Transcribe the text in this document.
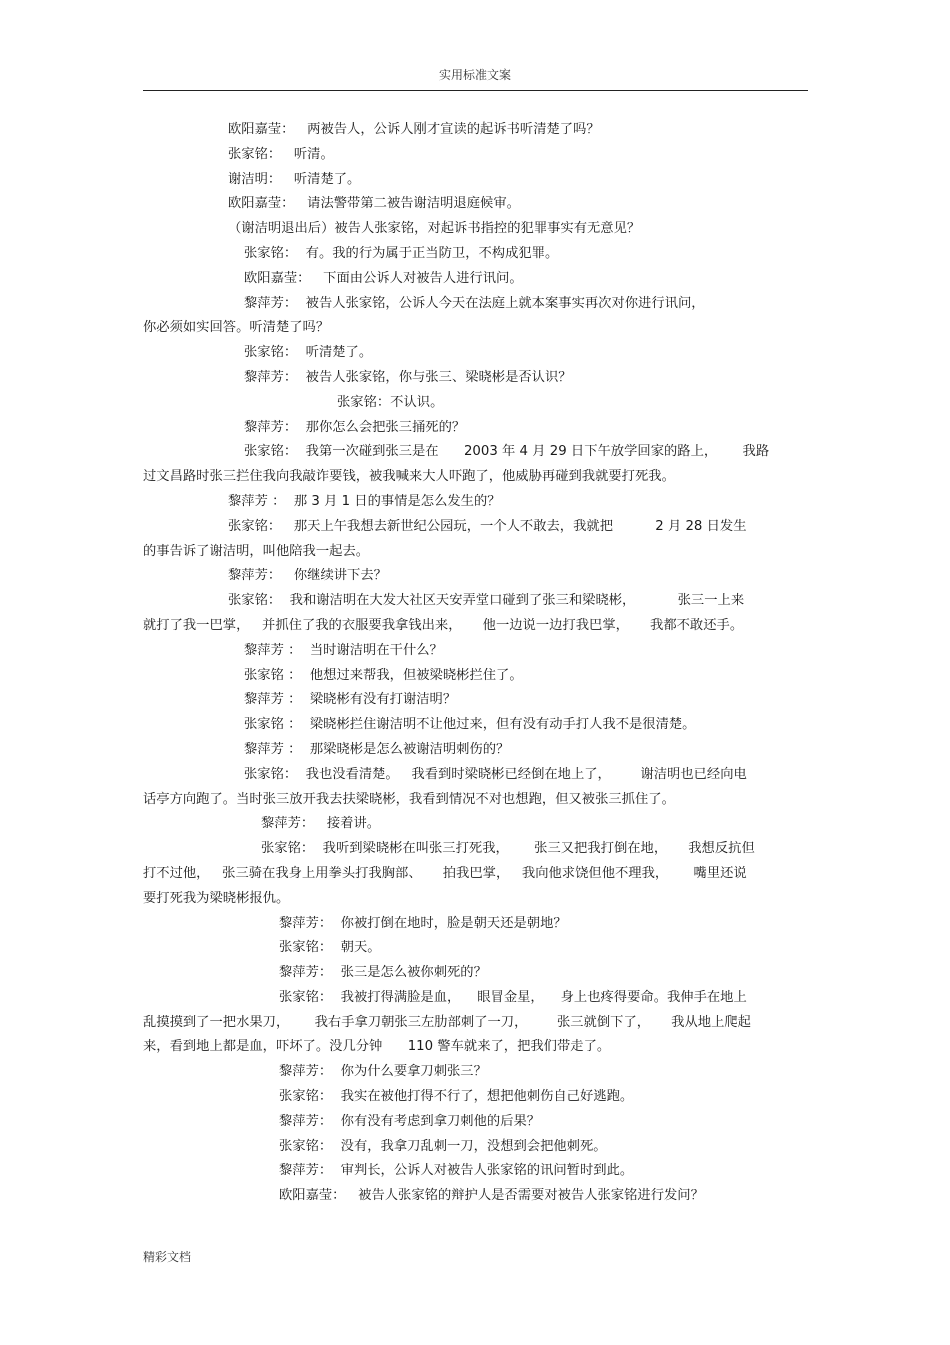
实用标准文案
欧阳嘉莹：   两被告人，公诉人刚才宣读的起诉书听清楚了吗？
张家铭：   听清。
谢洁明：   听清楚了。
欧阳嘉莹：   请法警带第二被告谢洁明退庭候审。
（谢洁明退出后）被告人张家铭，对起诉书指控的犯罪事实有无意见？
张家铭：  有。我的行为属于正当防卫，不构成犯罪。
欧阳嘉莹：   下面由公诉人对被告人进行讯问。
黎萍芳：  被告人张家铭，公诉人今天在法庭上就本案事实再次对你进行讯问，
你必须如实回答。听清楚了吗？
张家铭：  听清楚了。
黎萍芳：  被告人张家铭，你与张三、梁晓彬是否认识？
张家铭：不认识。
黎萍芳：  那你怎么会把张三捅死的？
张家铭：  我第一次碰到张三是在      2003 年 4 月 29 日下午放学回家的路上，      我路
过文昌路时张三拦住我向我敲诈要钱，被我喊来大人吓跑了，他威胁再碰到我就要打死我。
黎萍芳 ：  那 3 月 1 日的事情是怎么发生的？
张家铭：   那天上午我想去新世纪公园玩，一个人不敢去，我就把          2 月 28 日发生
的事告诉了谢洁明，叫他陪我一起去。
黎萍芳：   你继续讲下去？
张家铭：  我和谢洁明在大发大社区天安弄堂口碰到了张三和梁晓彬，          张三一上来
就打了我一巴掌，   并抓住了我的衣服要我拿钱出来，     他一边说一边打我巴掌，     我都不敢还手。
黎萍芳 ：  当时谢洁明在干什么？
张家铭 ：  他想过来帮我，但被梁晓彬拦住了。
黎萍芳 ：  梁晓彬有没有打谢洁明？
张家铭 ：  梁晓彬拦住谢洁明不让他过来，但有没有动手打人我不是很清楚。
黎萍芳 ：  那梁晓彬是怎么被谢洁明刺伤的？
张家铭：  我也没看清楚。   我看到时梁晓彬已经倒在地上了，       谢洁明也已经向电
话亭方向跑了。当时张三放开我去扶梁晓彬，我看到情况不对也想跑，但又被张三抓住了。
黎萍芳：   接着讲。
张家铭：  我听到梁晓彬在叫张三打死我，      张三又把我打倒在地，     我想反抗但
打不过他，   张三骑在我身上用拳头打我胸部、     拍我巴掌，   我向他求饶但他不理我，      嘴里还说
要打死我为梁晓彬报仇。
黎萍芳：  你被打倒在地时，脸是朝天还是朝地？
张家铭：  朝天。
黎萍芳：  张三是怎么被你刺死的？
张家铭：  我被打得满脸是血，    眼冒金星，    身上也疼得要命。我伸手在地上
乱摸摸到了一把水果刀，      我右手拿刀朝张三左肋部刺了一刀，       张三就倒下了，     我从地上爬起
来，看到地上都是血，吓坏了。没几分钟      110 警车就来了，把我们带走了。
黎萍芳：  你为什么要拿刀刺张三？
张家铭：  我实在被他打得不行了，想把他刺伤自己好逃跑。
黎萍芳：  你有没有考虑到拿刀刺他的后果？
张家铭：  没有，我拿刀乱刺一刀，没想到会把他刺死。
黎萍芳：  审判长，公诉人对被告人张家铭的讯问暂时到此。
欧阳嘉莹：   被告人张家铭的辩护人是否需要对被告人张家铭进行发问？
精彩文档
